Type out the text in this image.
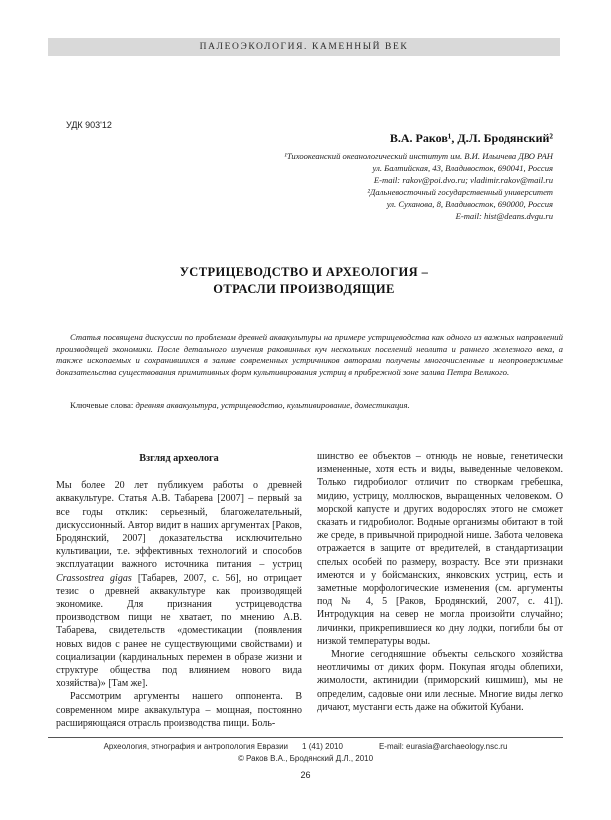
ПАЛЕОЭКОЛОГИЯ. КАМЕННЫЙ ВЕК
УДК 903'12
В.А. Раков¹, Д.Л. Бродянский²
¹Тихоокеанский океанологический институт им. В.И. Ильичева ДВО РАН
ул. Балтийская, 43, Владивосток, 690041, Россия
E-mail: rakov@poi.dvo.ru; vladimir.rakov@mail.ru
²Дальневосточный государственный университет
ул. Суханова, 8, Владивосток, 690000, Россия
E-mail: hist@deans.dvgu.ru
УСТРИЦЕВОДСТВО И АРХЕОЛОГИЯ –
ОТРАСЛИ ПРОИЗВОДЯЩИЕ
Статья посвящена дискуссии по проблемам древней аквакультуры на примере устрицеводства как одного из важных направлений производящей экономики. После детального изучения раковинных куч нескольких поселений неолита и раннего железного века, а также ископаемых и сохранившихся в заливе современных устричников авторами получены многочисленные и неопровержимые доказательства существования примитивных форм культивирования устриц в прибрежной зоне залива Петра Великого.
Ключевые слова: древняя аквакультура, устрицеводство, культивирование, доместикация.
Взгляд археолога

Мы более 20 лет публикуем работы о древней аквакультуре. Статья А.В. Табарева [2007] – первый за все годы отклик: серьезный, благожелательный, дискуссионный. Автор видит в наших аргументах [Раков, Бродянский, 2007] доказательства исключительно культивации, т.е. эффективных технологий и способов эксплуатации важного источника питания – устриц Crassostrea gigas [Табарев, 2007, с. 56], но отрицает тезис о древней аквакультуре как производящей экономике. Для признания устрицеводства производством пищи не хватает, по мнению А.В. Табарева, свидетельств «доместикации (появления новых видов с ранее не существующими свойствами) и социализации (кардинальных перемен в образе жизни и структуре общества под влиянием нового вида хозяйства)» [Там же].

Рассмотрим аргументы нашего оппонента. В современном мире аквакультура – мощная, постоянно расширяющаяся отрасль производства пищи. Боль-

шинство ее объектов – отнюдь не новые, генетически измененные, хотя есть и виды, выведенные человеком. Только гидробиолог отличит по створкам гребешка, мидию, устрицу, моллюсков, выращенных человеком. О морской капусте и других водорослях этого не сможет сказать и гидробиолог. Водные организмы обитают в той же среде, в привычной природной нише. Забота человека отражается в защите от вредителей, в стандартизации спелых особей по размеру, возрасту. Все эти признаки имеются и у бойсманских, янковских устриц, есть и заметные морфологические изменения (см. аргументы под № 4, 5 [Раков, Бродянский, 2007, с. 41]). Интродукция на север не могла произойти случайно; личинки, прикрепившиеся ко дну лодки, погибли бы от низкой температуры воды.

Многие сегодняшние объекты сельского хозяйства неотличимы от диких форм. Покупая ягоды облепихи, жимолости, актинидии (приморский кишмиш), мы не определим, садовые они или лесные. Многие виды легко дичают, мустанги есть даже на обжитой Кубани.

Археология, этнография и антропология Евразии 1 (41) 2010	E-mail: eurasia@archaeology.nsc.ru
© Раков В.А., Бродянский Д.Л., 2010
26
